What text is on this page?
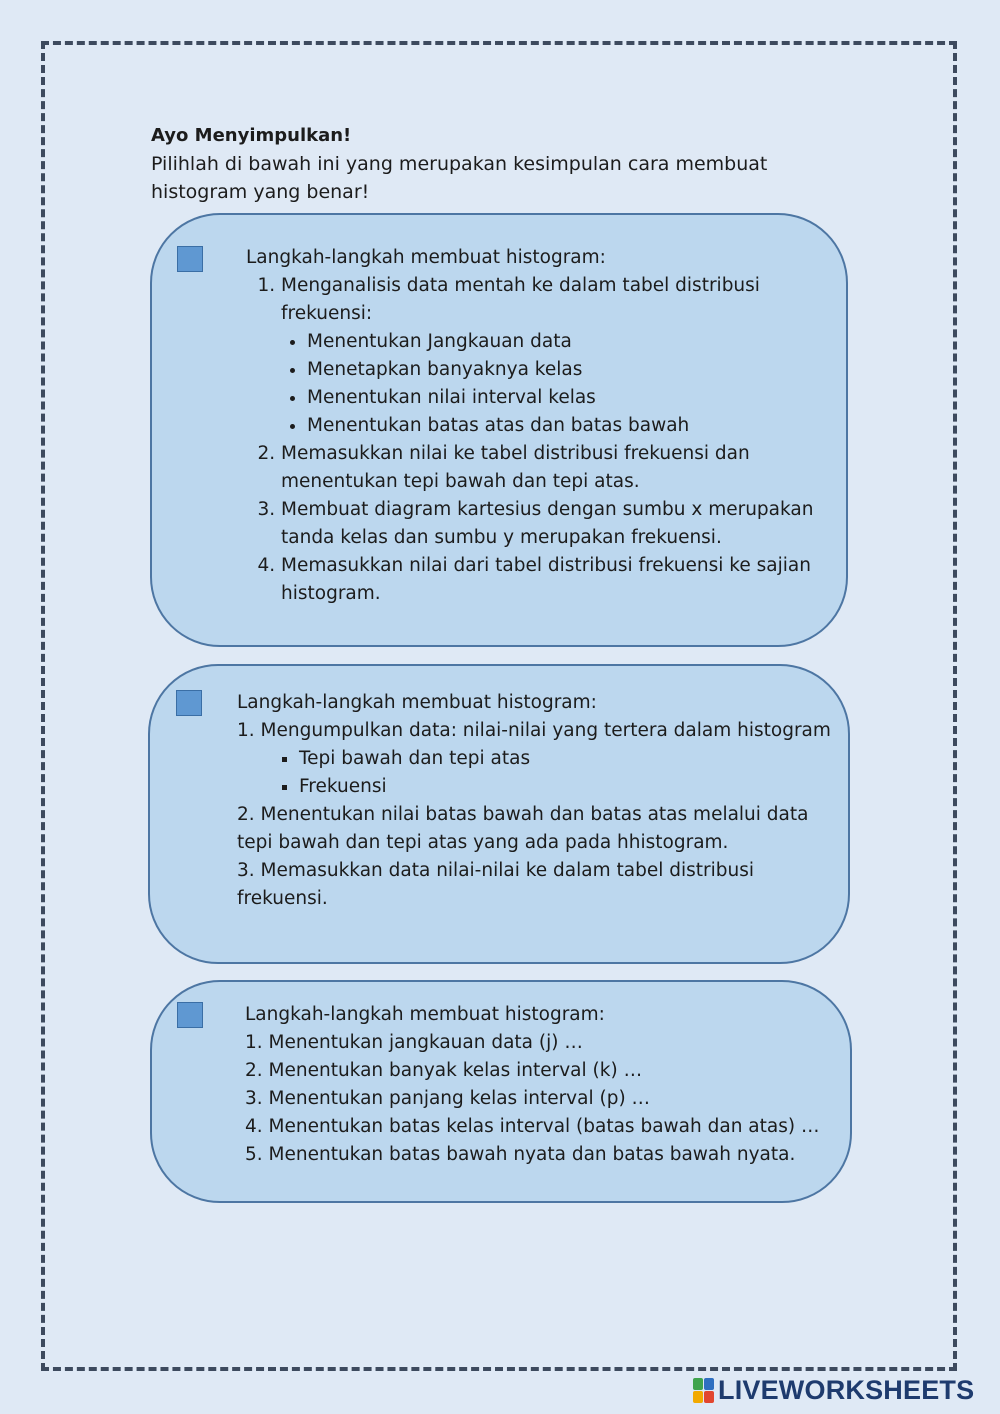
Ayo Menyimpulkan!
Pilihlah di bawah ini yang merupakan kesimpulan cara membuat histogram yang benar!

Langkah-langkah membuat histogram:

1. Menganalisis data mentah ke dalam tabel distribusi frekuensi:
• Menentukan Jangkauan data
• Menetapkan banyaknya kelas
• Menentukan nilai interval kelas
• Menentukan batas atas dan batas bawah
2. Memasukkan nilai ke tabel distribusi frekuensi dan menentukan tepi bawah dan tepi atas.
3. Membuat diagram kartesius dengan sumbu x merupakan tanda kelas dan sumbu y merupakan frekuensi.
4. Memasukkan nilai dari tabel distribusi frekuensi ke sajian histogram.

Langkah-langkah membuat histogram:

1. Mengumpulkan data: nilai-nilai yang tertera dalam histogram

▪ Tepi bawah dan tepi atas
▪ Frekuensi

2. Menentukan nilai batas bawah dan batas atas melalui data tepi bawah dan tepi atas yang ada pada hhistogram.

3. Memasukkan data nilai-nilai ke dalam tabel distribusi frekuensi.

Langkah-langkah membuat histogram:

1. Menentukan jangkauan data (j) …

2. Menentukan banyak kelas interval (k) …

3. Menentukan panjang kelas interval (p) …

4. Menentukan batas kelas interval (batas bawah dan atas) …

5. Menentukan batas bawah nyata dan batas bawah nyata.

LIVEWORKSHEETS
